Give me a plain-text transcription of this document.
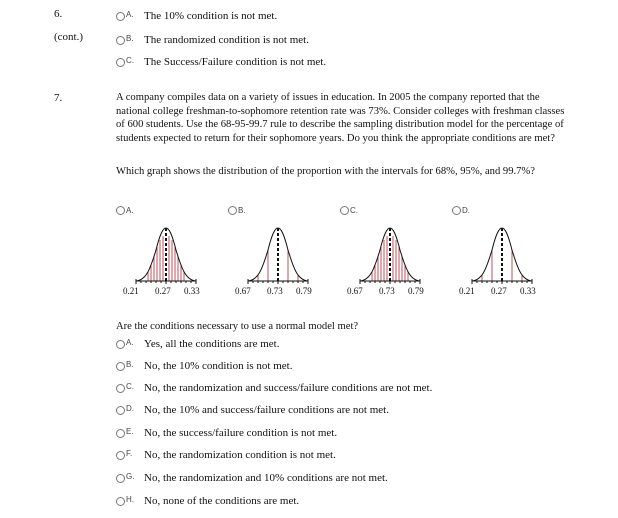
6.
(cont.)
A. The 10% condition is not met.
B. The randomized condition is not met.
C. The Success/Failure condition is not met.
7.	A company compiles data on a variety of issues in education. In 2005 the company reported that the national college freshman-to-sophomore retention rate was 73%. Consider colleges with freshman classes of 600 students. Use the 68-95-99.7 rule to describe the sampling distribution model for the percentage of students expected to return for their sophomore years. Do you think the appropriate conditions are met?
Which graph shows the distribution of the proportion with the intervals for 68%, 95%, and 99.7%?
A.
0.21 0.27 0.33
B.
0.67 0.73 0.79
C.
0.67 0.73 0.79
D.
0.21 0.27 0.33
Are the conditions necessary to use a normal model met?
A. Yes, all the conditions are met.
B. No, the 10% condition is not met.
C. No, the randomization and success/failure conditions are not met.
D. No, the 10% and success/failure conditions are not met.
E. No, the success/failure condition is not met.
F.	No, the randomization condition is not met.
G. No, the randomization and 10% conditions are not met.
H. No, none of the conditions are met.
